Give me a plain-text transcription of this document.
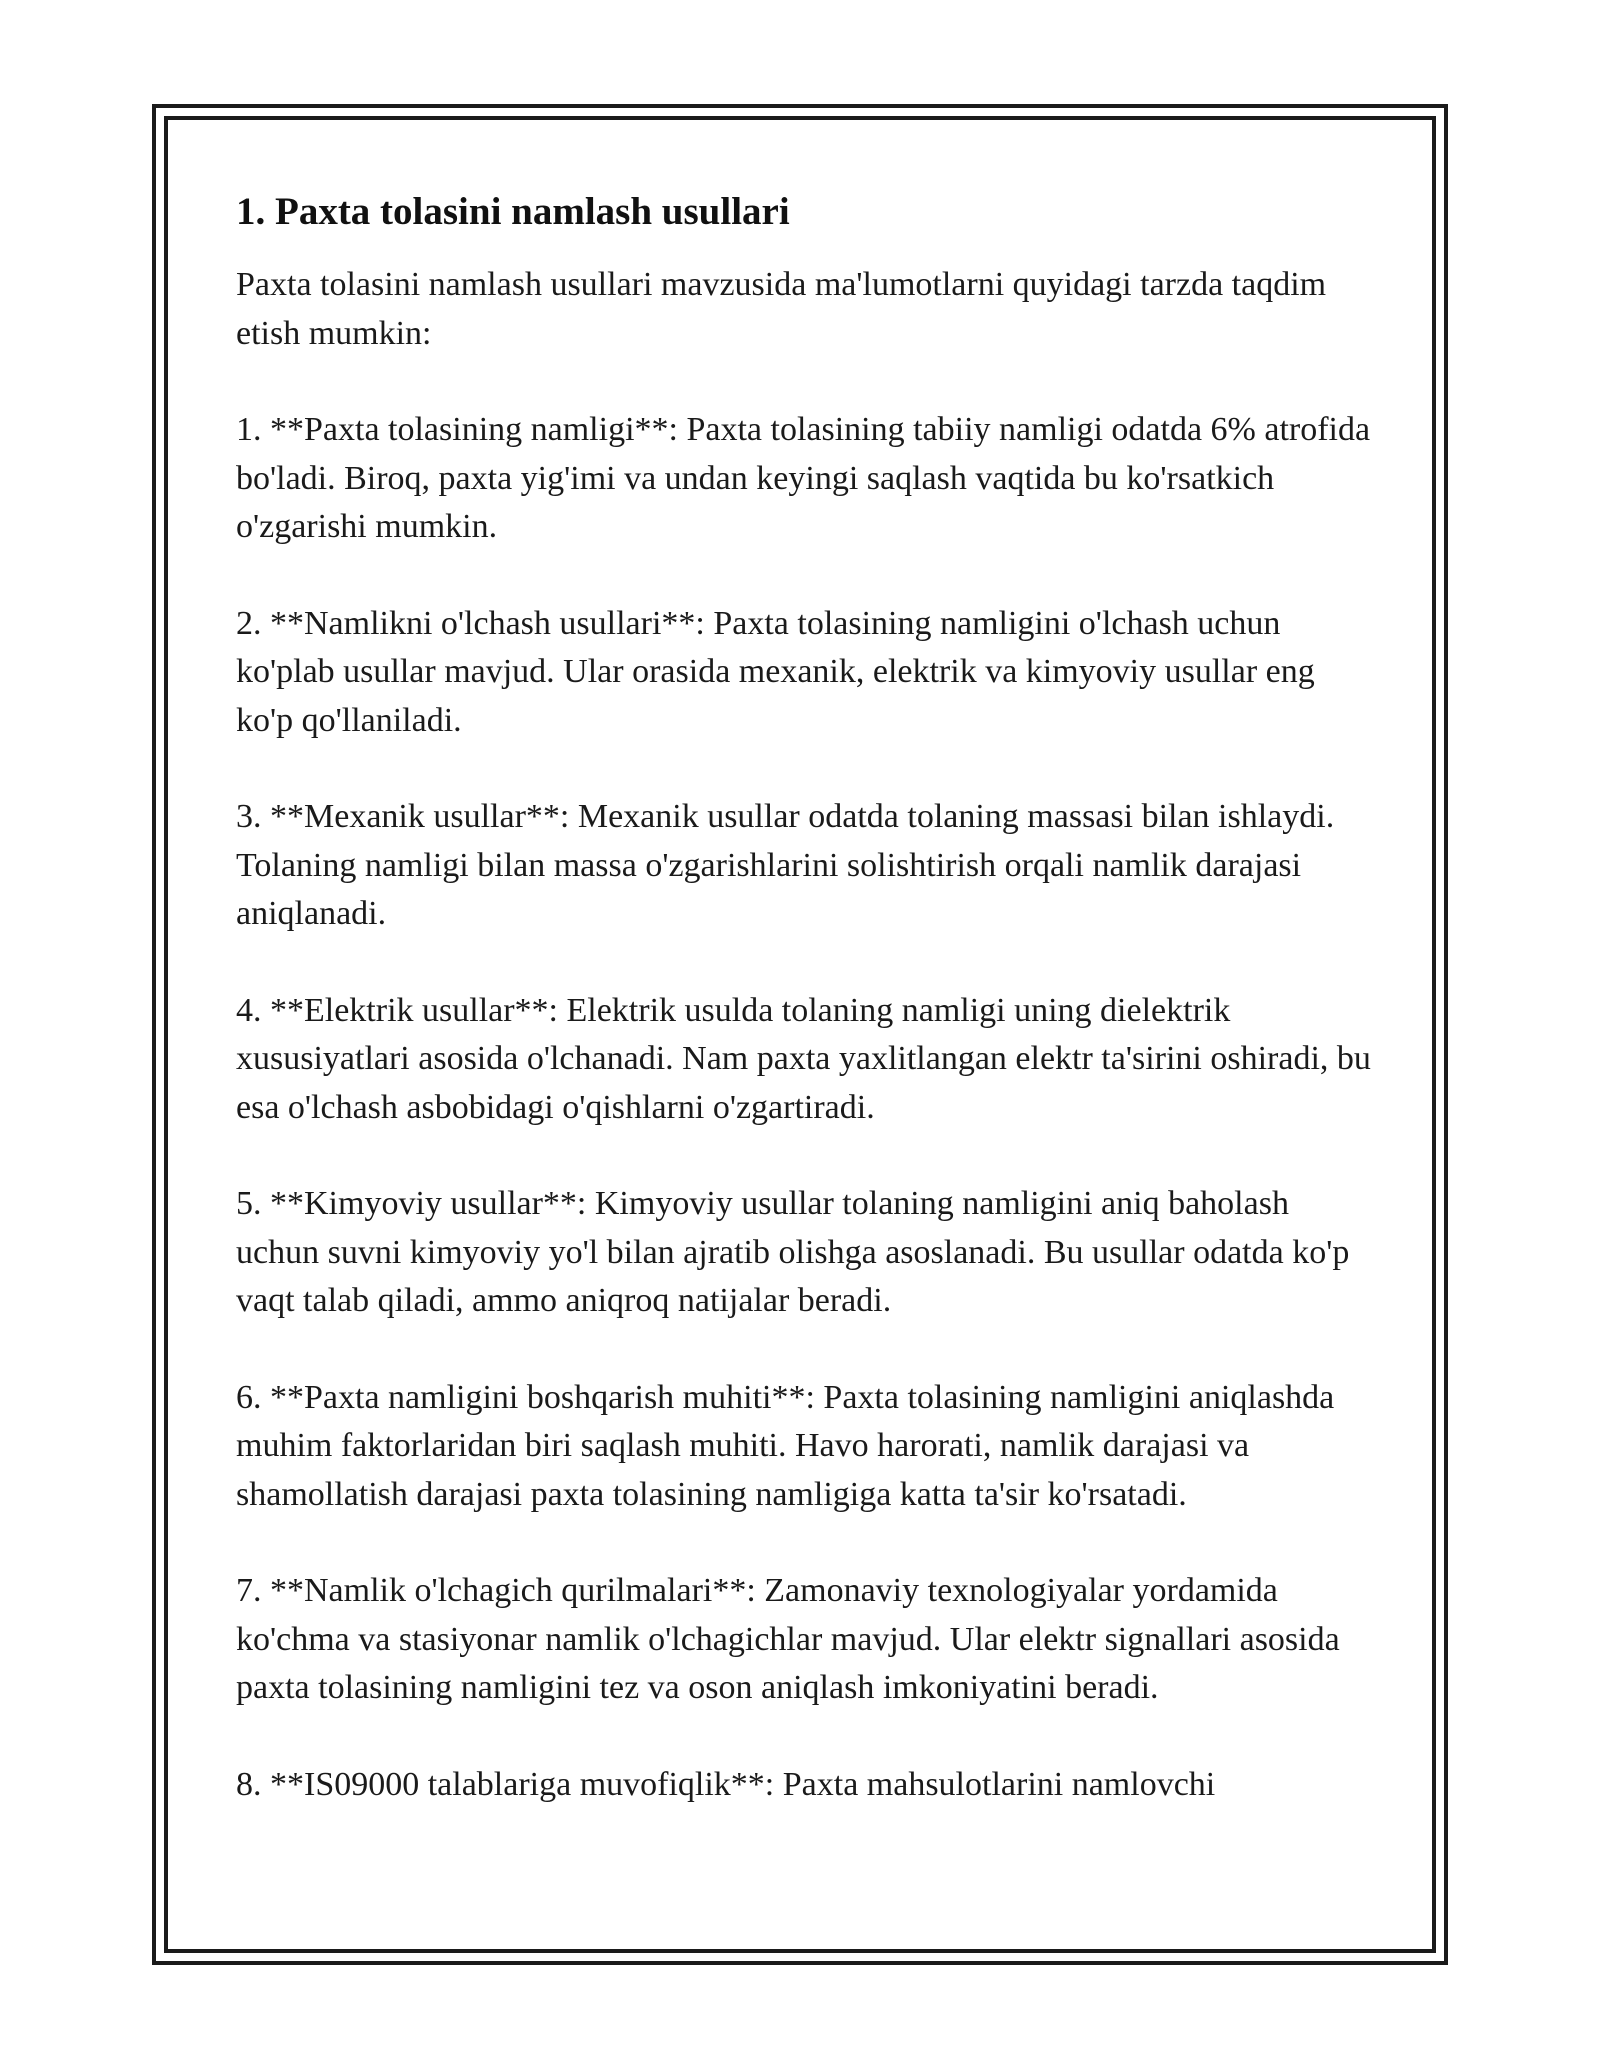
1. Paxta tolasini namlash usullari

Paxta tolasini namlash usullari mavzusida ma'lumotlarni quyidagi tarzda taqdim etish mumkin:

1. **Paxta tolasining namligi**: Paxta tolasining tabiiy namligi odatda 6% atrofida bo'ladi. Biroq, paxta yig'imi va undan keyingi saqlash vaqtida bu ko'rsatkich o'zgarishi mumkin.

2. **Namlikni o'lchash usullari**: Paxta tolasining namligini o'lchash uchun ko'plab usullar mavjud. Ular orasida mexanik, elektrik va kimyoviy usullar eng ko'p qo'llaniladi.

3. **Mexanik usullar**: Mexanik usullar odatda tolaning massasi bilan ishlaydi. Tolaning namligi bilan massa o'zgarishlarini solishtirish orqali namlik darajasi aniqlanadi.

4. **Elektrik usullar**: Elektrik usulda tolaning namligi uning dielektrik xususiyatlari asosida o'lchanadi. Nam paxta yaxlitlangan elektr ta'sirini oshiradi, bu esa o'lchash asbobidagi o'qishlarni o'zgartiradi.

5. **Kimyoviy usullar**: Kimyoviy usullar tolaning namligini aniq baholash uchun suvni kimyoviy yo'l bilan ajratib olishga asoslanadi. Bu usullar odatda ko'p vaqt talab qiladi, ammo aniqroq natijalar beradi.

6. **Paxta namligini boshqarish muhiti**: Paxta tolasining namligini aniqlashda muhim faktorlaridan biri saqlash muhiti. Havo harorati, namlik darajasi va shamollatish darajasi paxta tolasining namligiga katta ta'sir ko'rsatadi.

7. **Namlik o'lchagich qurilmalari**: Zamonaviy texnologiyalar yordamida ko'chma va stasiyonar namlik o'lchagichlar mavjud. Ular elektr signallari asosida paxta tolasining namligini tez va oson aniqlash imkoniyatini beradi.

8. **IS09000 talablariga muvofiqlik**: Paxta mahsulotlarini namlovchi
